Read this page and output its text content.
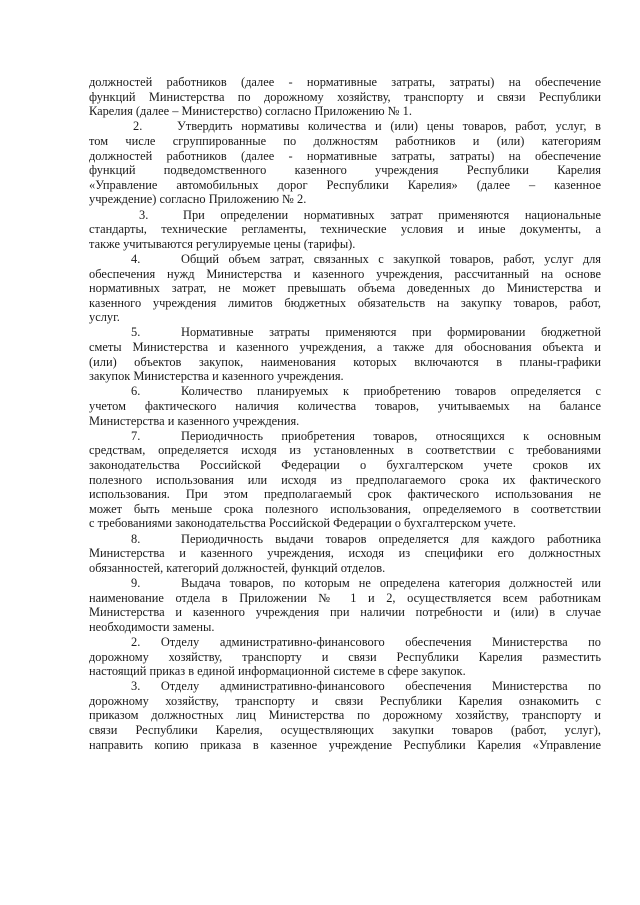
должностей работников (далее - нормативные затраты, затраты) на обеспечение
функций Министерства по дорожному хозяйству, транспорту и связи Республики
Карелия (далее – Министерство) согласно Приложению № 1.

2.	Утвердить нормативы количества и (или) цены товаров, работ, услуг, в
том числе сгруппированные по должностям работников и (или) категориям
должностей работников (далее - нормативные затраты, затраты) на обеспечение
функций подведомственного казенного учреждения Республики Карелия
«Управление автомобильных дорог Республики Карелия» (далее – казенное
учреждение) согласно Приложению № 2.

3.	При определении нормативных затрат применяются национальные
стандарты, технические регламенты, технические условия и иные документы, а
также учитываются регулируемые цены (тарифы).

4.	Общий объем затрат, связанных с закупкой товаров, работ, услуг для
обеспечения нужд Министерства и казенного учреждения, рассчитанный на основе
нормативных затрат, не может превышать объема доведенных до Министерства и
казенного учреждения лимитов бюджетных обязательств на закупку товаров, работ,
услуг.

5.	Нормативные затраты применяются при формировании бюджетной
сметы Министерства и казенного учреждения, а также для обоснования объекта и
(или) объектов закупок, наименования которых включаются в планы-графики
закупок Министерства и казенного учреждения.

6.	Количество планируемых к приобретению товаров определяется с
учетом фактического наличия количества товаров, учитываемых на балансе
Министерства и казенного учреждения.

7.	Периодичность приобретения товаров, относящихся к основным
средствам, определяется исходя из установленных в соответствии с требованиями
законодательства Российской Федерации о бухгалтерском учете сроков их
полезного использования или исходя из предполагаемого срока их фактического
использования. При этом предполагаемый срок фактического использования не
может быть меньше срока полезного использования, определяемого в соответствии
с требованиями законодательства Российской Федерации о бухгалтерском учете.

8.	Периодичность выдачи товаров определяется для каждого работника
Министерства и казенного учреждения, исходя из специфики его должностных
обязанностей, категорий должностей, функций отделов.

9.	Выдача товаров, по которым не определена категория должностей или
наименование отдела в Приложении № 1 и 2, осуществляется всем работникам
Министерства и казенного учреждения при наличии потребности и (или) в случае
необходимости замены.

2. Отделу административно-финансового обеспечения Министерства по
дорожному хозяйству, транспорту и связи Республики Карелия разместить
настоящий приказ в единой информационной системе в сфере закупок.

3. Отделу административно-финансового обеспечения Министерства по
дорожному хозяйству, транспорту и связи Республики Карелия ознакомить с
приказом должностных лиц Министерства по дорожному хозяйству, транспорту и
связи Республики Карелия, осуществляющих закупки товаров (работ, услуг),
направить копию приказа в казенное учреждение Республики Карелия «Управление
